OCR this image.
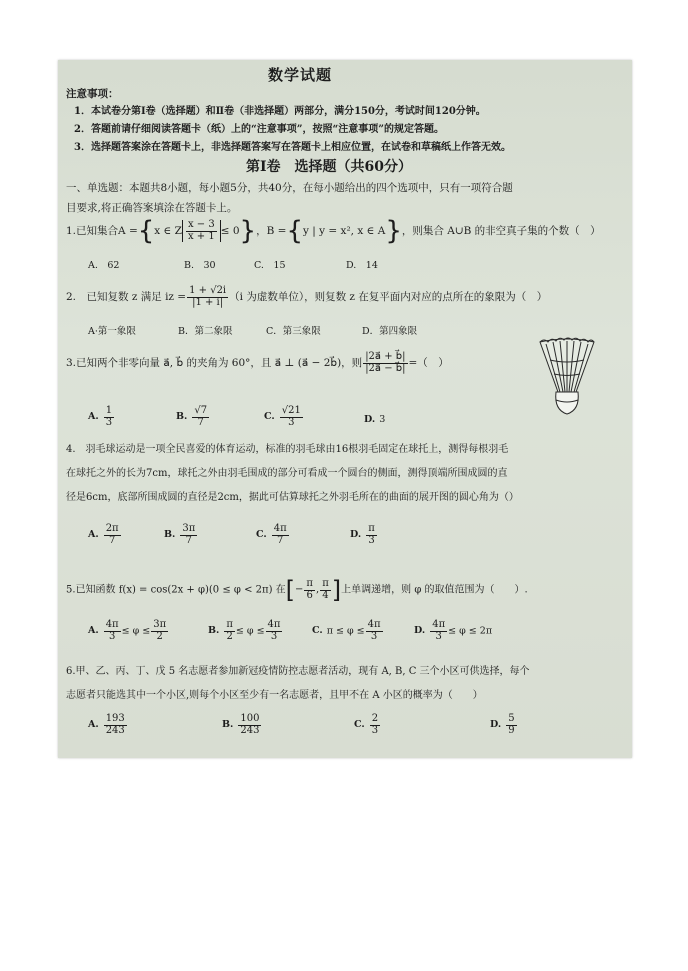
数学试题
注意事项：
1．本试卷分第Ⅰ卷（选择题）和Ⅱ卷（非选择题）两部分，满分150分，考试时间120分钟。
2．答题前请仔细阅读答题卡（纸）上的“注意事项”，按照“注意事项”的规定答题。
3．选择题答案涂在答题卡上，非选择题答案写在答题卡上相应位置，在试卷和草稿纸上作答无效。
第Ⅰ卷　选择题（共60分）
一、单选题：本题共8小题，每小题5分，共40分，在每小题给出的四个选项中，只有一项符合题
目要求,将正确答案填涂在答题卡上。
1.已知集合A = { x ∈ Z $\frac{x - 3}{x + 1} \le 0$ } ，B = { y | y = x², x ∈ A } ，则集合 A∪B 的非空真子集的个数（　）
A.　62	B.　30	C.　15	D.　14
2.　已知复数 z 满足 iz = $\frac{1 + √2i}{|1 + i|} (i$ 为虚数单位），则复数 z 在复平面内对应的点所在的象限为（　）
A·第一象限	B．第二象限	C．第三象限	D．第四象限
3.已知两个非零向量 a⃗, b⃗ 的夹角为 60°，且 a⃗ ⊥ (a⃗ − 2b⃗)，则 $\frac{|2a⃗ + b⃗|}{|2a⃗ - b⃗|}$ =（　）
A. $\frac{1}{3}$	B. $\frac{√7}{7}$	C. $\frac{√21}{3}$	D. 3
4.　羽毛球运动是一项全民喜爱的体育运动，标准的羽毛球由16根羽毛固定在球托上，测得每根羽毛
在球托之外的长为7cm，球托之外由羽毛围成的部分可看成一个圆台的侧面，测得顶端所围成圆的直
径是6cm，底部所围成圆的直径是2cm，据此可估算球托之外羽毛所在的曲面的展开图的圆心角为（）
A. $\frac{2\pi}{7}$	B. $\frac{3\pi}{7}$	C. $\frac{4\pi}{7}$	D. $\frac{\pi}{3}$
5.已知函数 f(x) = cos(2x + φ)(0 ≤ φ < 2π) 在 [ − $\frac{\pi}{6}$ , $\frac{\pi}{4}$ ] 上单调递增，则 φ 的取值范围为（　　）.
A. $\frac{4\pi}{3} \le \varphi \le \frac{3\pi}{2}$	B. $\frac{\pi}{2} \le \varphi \le \frac{4\pi}{3}$	C. $\pi \le \varphi \le \frac{4\pi}{3}$	D. $\frac{4\pi}{3} \le \varphi \le 2\pi$
6.甲、乙、丙、丁、戊 5 名志愿者参加新冠疫情防控志愿者活动，现有 A, B, C 三个小区可供选择，每个
志愿者只能选其中一个小区,则每个小区至少有一名志愿者，且甲不在 A 小区的概率为（　　）
A. $\frac{193}{243}$	B. $\frac{100}{243}$	C. $\frac{2}{3}$	D. $\frac{5}{9}$
